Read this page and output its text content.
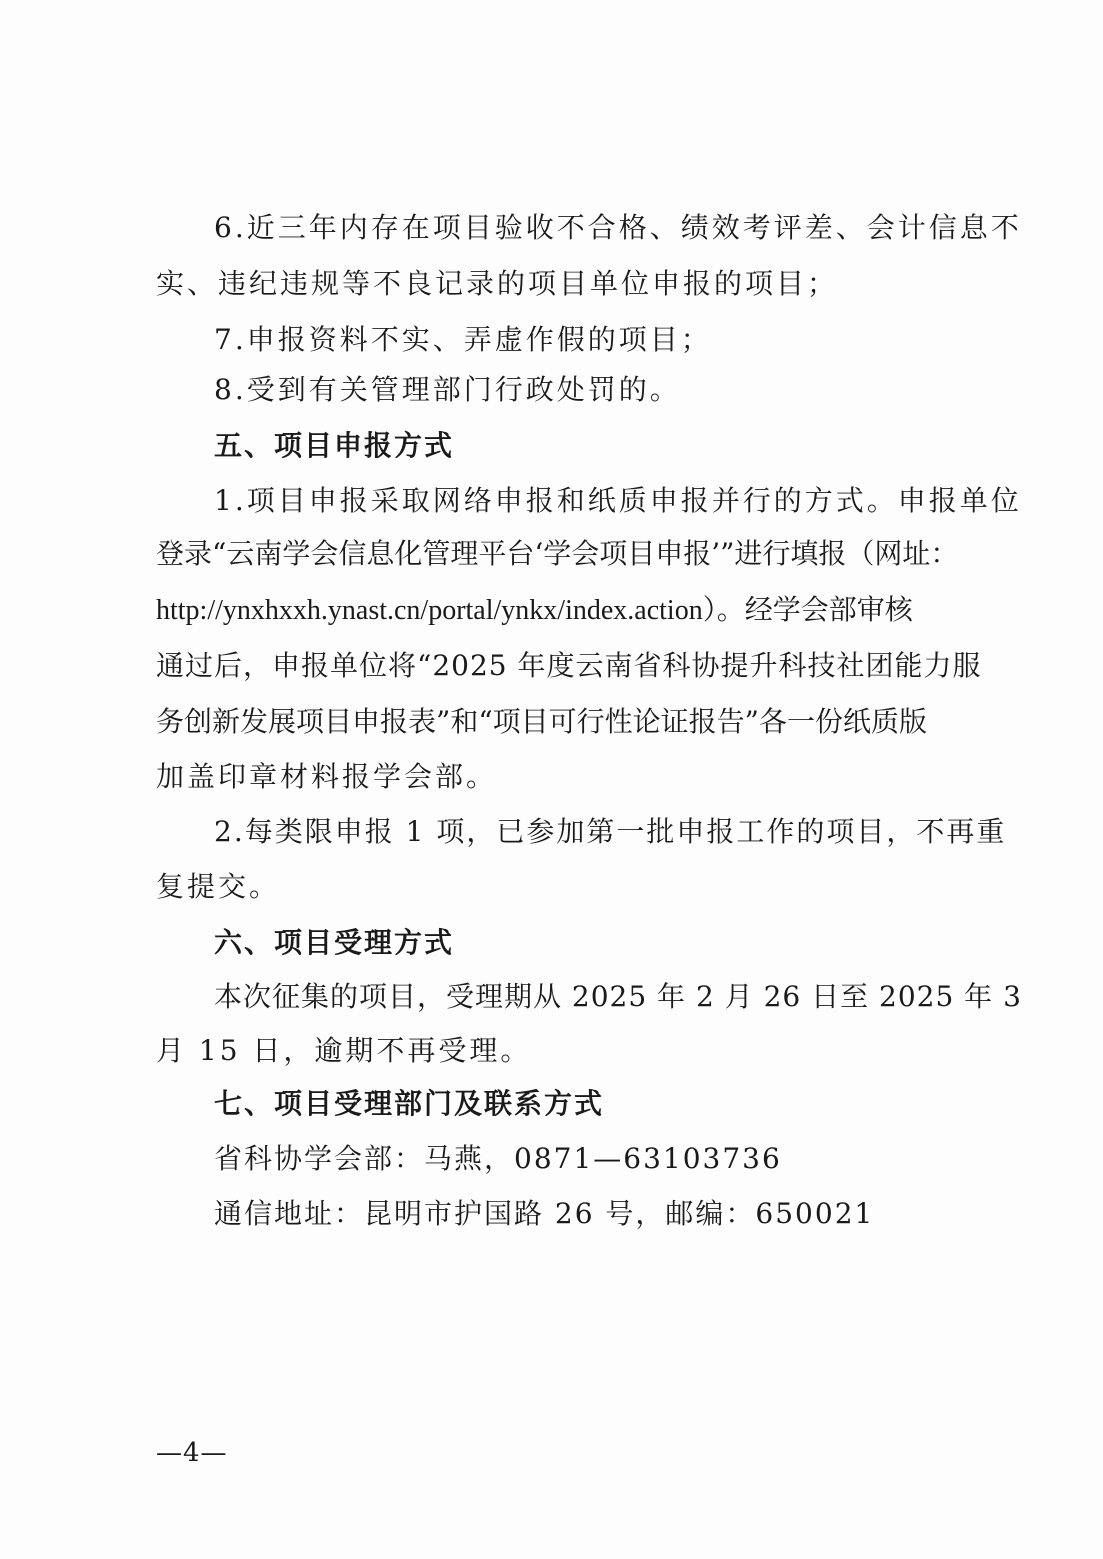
6.近三年内存在项目验收不合格、绩效考评差、会计信息不
实、违纪违规等不良记录的项目单位申报的项目；
7.申报资料不实、弄虚作假的项目；
8.受到有关管理部门行政处罚的。
五、项目申报方式
1.项目申报采取网络申报和纸质申报并行的方式。申报单位
登录“云南学会信息化管理平台‘学会项目申报’”进行填报（网址：
http://ynxhxxh.ynast.cn/portal/ynkx/index.action）。经学会部审核
通过后，申报单位将“2025 年度云南省科协提升科技社团能力服
务创新发展项目申报表”和“项目可行性论证报告”各一份纸质版
加盖印章材料报学会部。
2.每类限申报 1 项，已参加第一批申报工作的项目，不再重
复提交。
六、项目受理方式
本次征集的项目，受理期从 2025 年 2 月 26 日至 2025 年 3
月 15 日，逾期不再受理。
七、项目受理部门及联系方式
省科协学会部：马燕，0871—63103736
通信地址：昆明市护国路 26 号，邮编：650021
—4—
